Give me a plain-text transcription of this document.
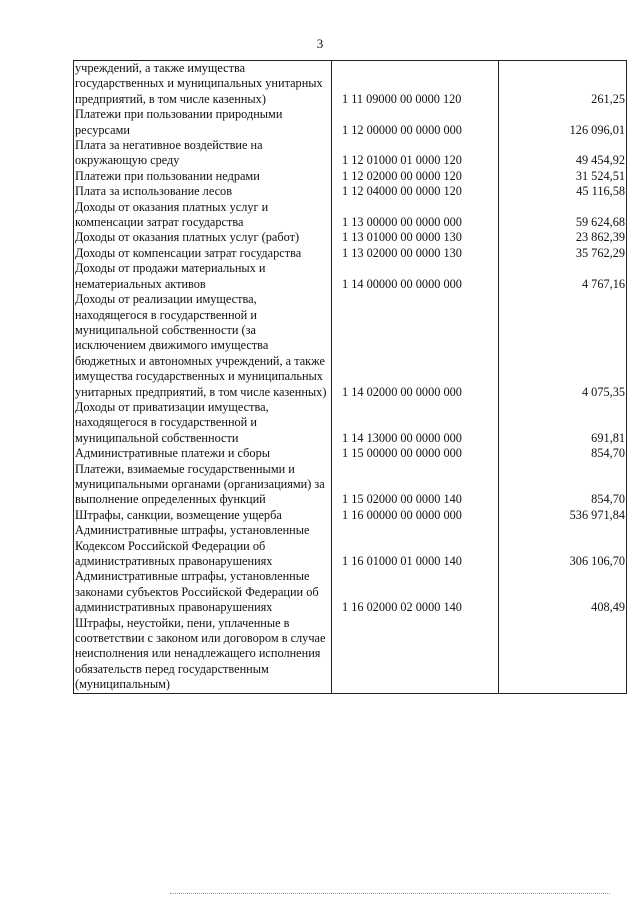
3
учреждений, а также имущества государственных и муниципальных унитарных предприятий, в том числе казенных)	1 11 09000 00 0000 120	261,25
Платежи при пользовании природными ресурсами	1 12 00000 00 0000 000	126 096,01
Плата за негативное воздействие на окружающую среду	1 12 01000 01 0000 120	49 454,92
Платежи при пользовании недрами	1 12 02000 00 0000 120	31 524,51
Плата за использование лесов	1 12 04000 00 0000 120	45 116,58
Доходы от оказания платных услуг и компенсации затрат государства	1 13 00000 00 0000 000	59 624,68
Доходы от оказания платных услуг (работ)	1 13 01000 00 0000 130	23 862,39
Доходы от компенсации затрат государства	1 13 02000 00 0000 130	35 762,29
Доходы от продажи материальных и нематериальных активов	1 14 00000 00 0000 000	4 767,16
Доходы от реализации имущества, находящегося в государственной и муниципальной собственности (за исключением движимого имущества бюджетных и автономных учреждений, а также имущества государственных и муниципальных унитарных предприятий, в том числе казенных)	1 14 02000 00 0000 000	4 075,35
Доходы от приватизации имущества, находящегося в государственной и муниципальной собственности	1 14 13000 00 0000 000	691,81
Административные платежи и сборы	1 15 00000 00 0000 000	854,70
Платежи, взимаемые государственными и муниципальными органами (организациями) за выполнение определенных функций	1 15 02000 00 0000 140	854,70
Штрафы, санкции, возмещение ущерба	1 16 00000 00 0000 000	536 971,84
Административные штрафы, установленные Кодексом Российской Федерации об административных правонарушениях	1 16 01000 01 0000 140	306 106,70
Административные штрафы, установленные законами субъектов Российской Федерации об административных правонарушениях	1 16 02000 02 0000 140	408,49
Штрафы, неустойки, пени, уплаченные в соответствии с законом или договором в случае неисполнения или ненадлежащего исполнения обязательств перед государственным (муниципальным)		
